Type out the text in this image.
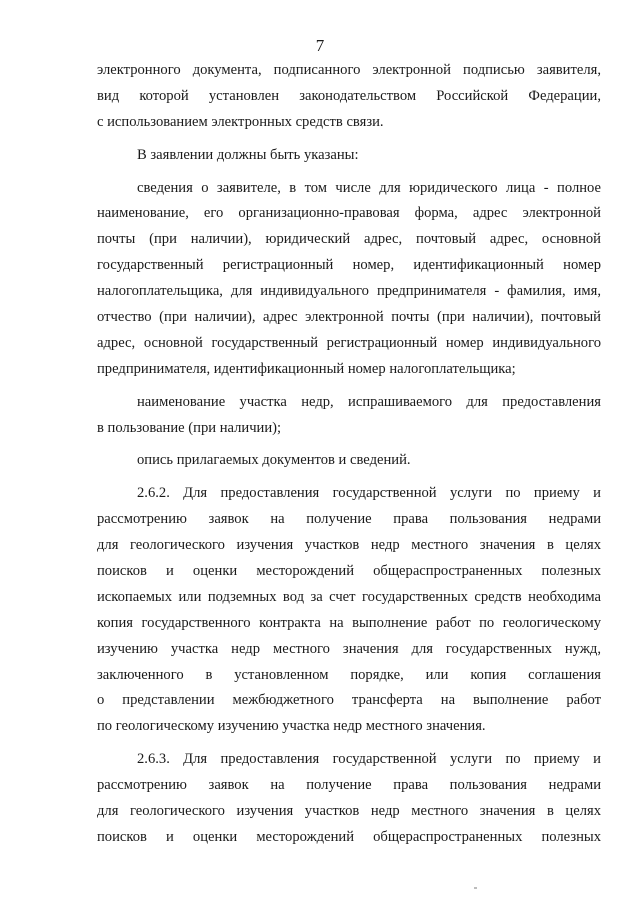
7
электронного документа, подписанного электронной подписью заявителя,
вид которой установлен законодательством Российской Федерации,
с использованием электронных средств связи.
В заявлении должны быть указаны:
сведения о заявителе, в том числе для юридического лица - полное
наименование, его организационно-правовая форма, адрес электронной
почты (при наличии), юридический адрес, почтовый адрес, основной
государственный регистрационный номер, идентификационный номер
налогоплательщика, для индивидуального предпринимателя - фамилия, имя,
отчество (при наличии), адрес электронной почты (при наличии), почтовый
адрес, основной государственный регистрационный номер индивидуального
предпринимателя, идентификационный номер налогоплательщика;
наименование участка недр, испрашиваемого для предоставления
в пользование (при наличии);
опись прилагаемых документов и сведений.
2.6.2. Для предоставления государственной услуги по приему и
рассмотрению заявок на получение права пользования недрами
для геологического изучения участков недр местного значения в целях
поисков и оценки месторождений общераспространенных полезных
ископаемых или подземных вод за счет государственных средств необходима
копия государственного контракта на выполнение работ по геологическому
изучению участка недр местного значения для государственных нужд,
заключенного в установленном порядке, или копия соглашения
о представлении межбюджетного трансферта на выполнение работ
по геологическому изучению участка недр местного значения.
2.6.3. Для предоставления государственной услуги по приему и
рассмотрению заявок на получение права пользования недрами
для геологического изучения участков недр местного значения в целях
поисков и оценки месторождений общераспространенных полезных
